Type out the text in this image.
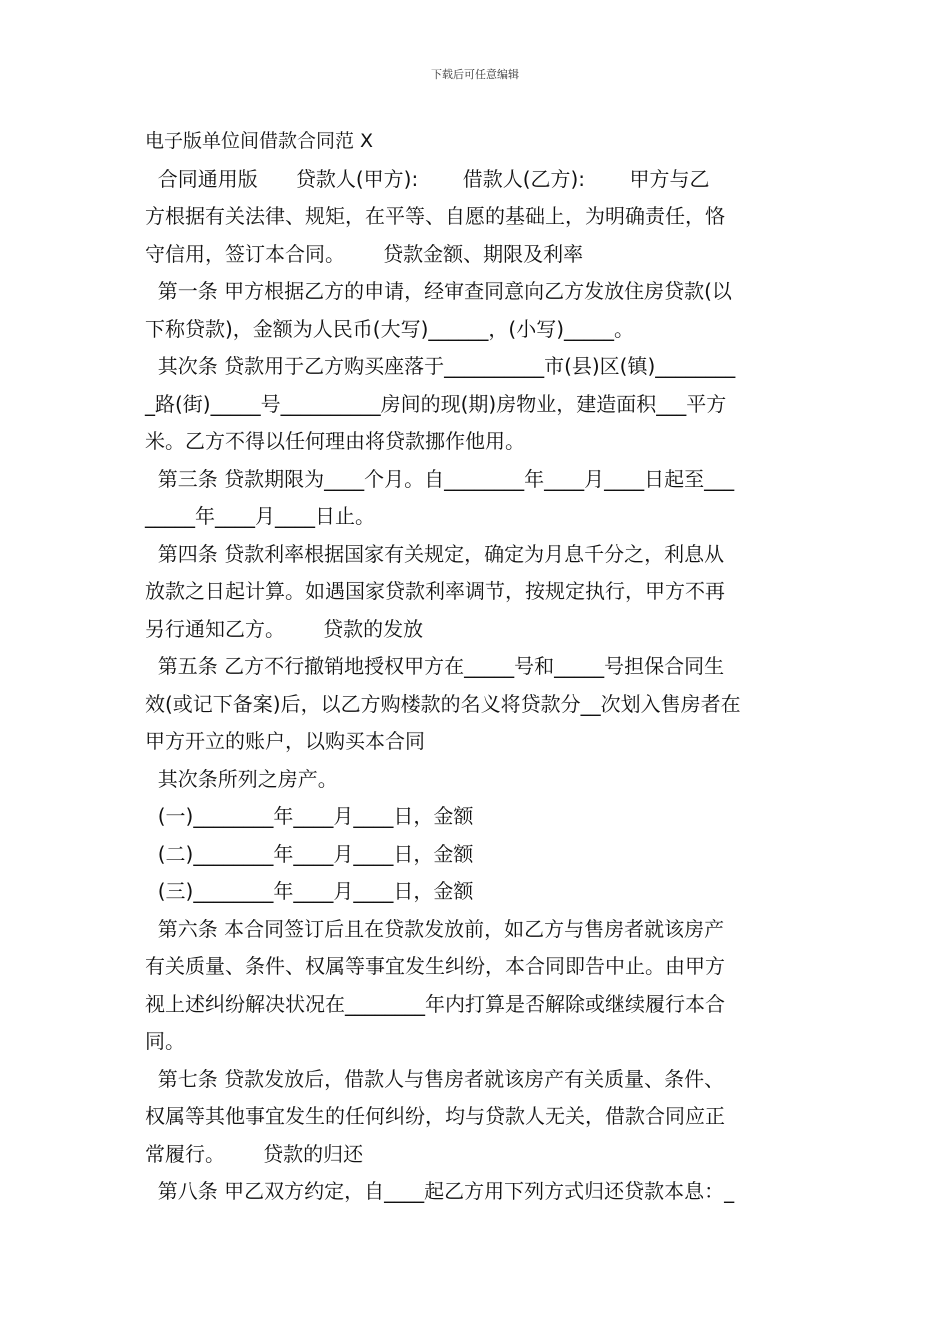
下载后可任意编辑
电子版单位间借款合同范 X
合同通用版      贷款人(甲方):       借款人(乙方):       甲方与乙
方根据有关法律、规矩，在平等、自愿的基础上，为明确责任，恪
守信用，签订本合同。      贷款金额、期限及利率
第一条 甲方根据乙方的申请，经审查同意向乙方发放住房贷款(以
下称贷款)，金额为人民币(大写)______，(小写)_____。
其次条 贷款用于乙方购买座落于__________市(县)区(镇)________
_路(街)_____号__________房间的现(期)房物业，建造面积___平方
米。乙方不得以任何理由将贷款挪作他用。
第三条 贷款期限为____个月。自________年____月____日起至___
_____年____月____日止。
第四条 贷款利率根据国家有关规定，确定为月息千分之，利息从
放款之日起计算。如遇国家贷款利率调节，按规定执行，甲方不再
另行通知乙方。      贷款的发放
第五条 乙方不行撤销地授权甲方在_____号和_____号担保合同生
效(或记下备案)后，以乙方购楼款的名义将贷款分__次划入售房者在
甲方开立的账户，以购买本合同
其次条所列之房产。
(一)________年____月____日，金额
(二)________年____月____日，金额
(三)________年____月____日，金额
第六条 本合同签订后且在贷款发放前，如乙方与售房者就该房产
有关质量、条件、权属等事宜发生纠纷，本合同即告中止。由甲方
视上述纠纷解决状况在________年内打算是否解除或继续履行本合
同。
第七条 贷款发放后，借款人与售房者就该房产有关质量、条件、
权属等其他事宜发生的任何纠纷，均与贷款人无关，借款合同应正
常履行。      贷款的归还
第八条 甲乙双方约定，自____起乙方用下列方式归还贷款本息：_
